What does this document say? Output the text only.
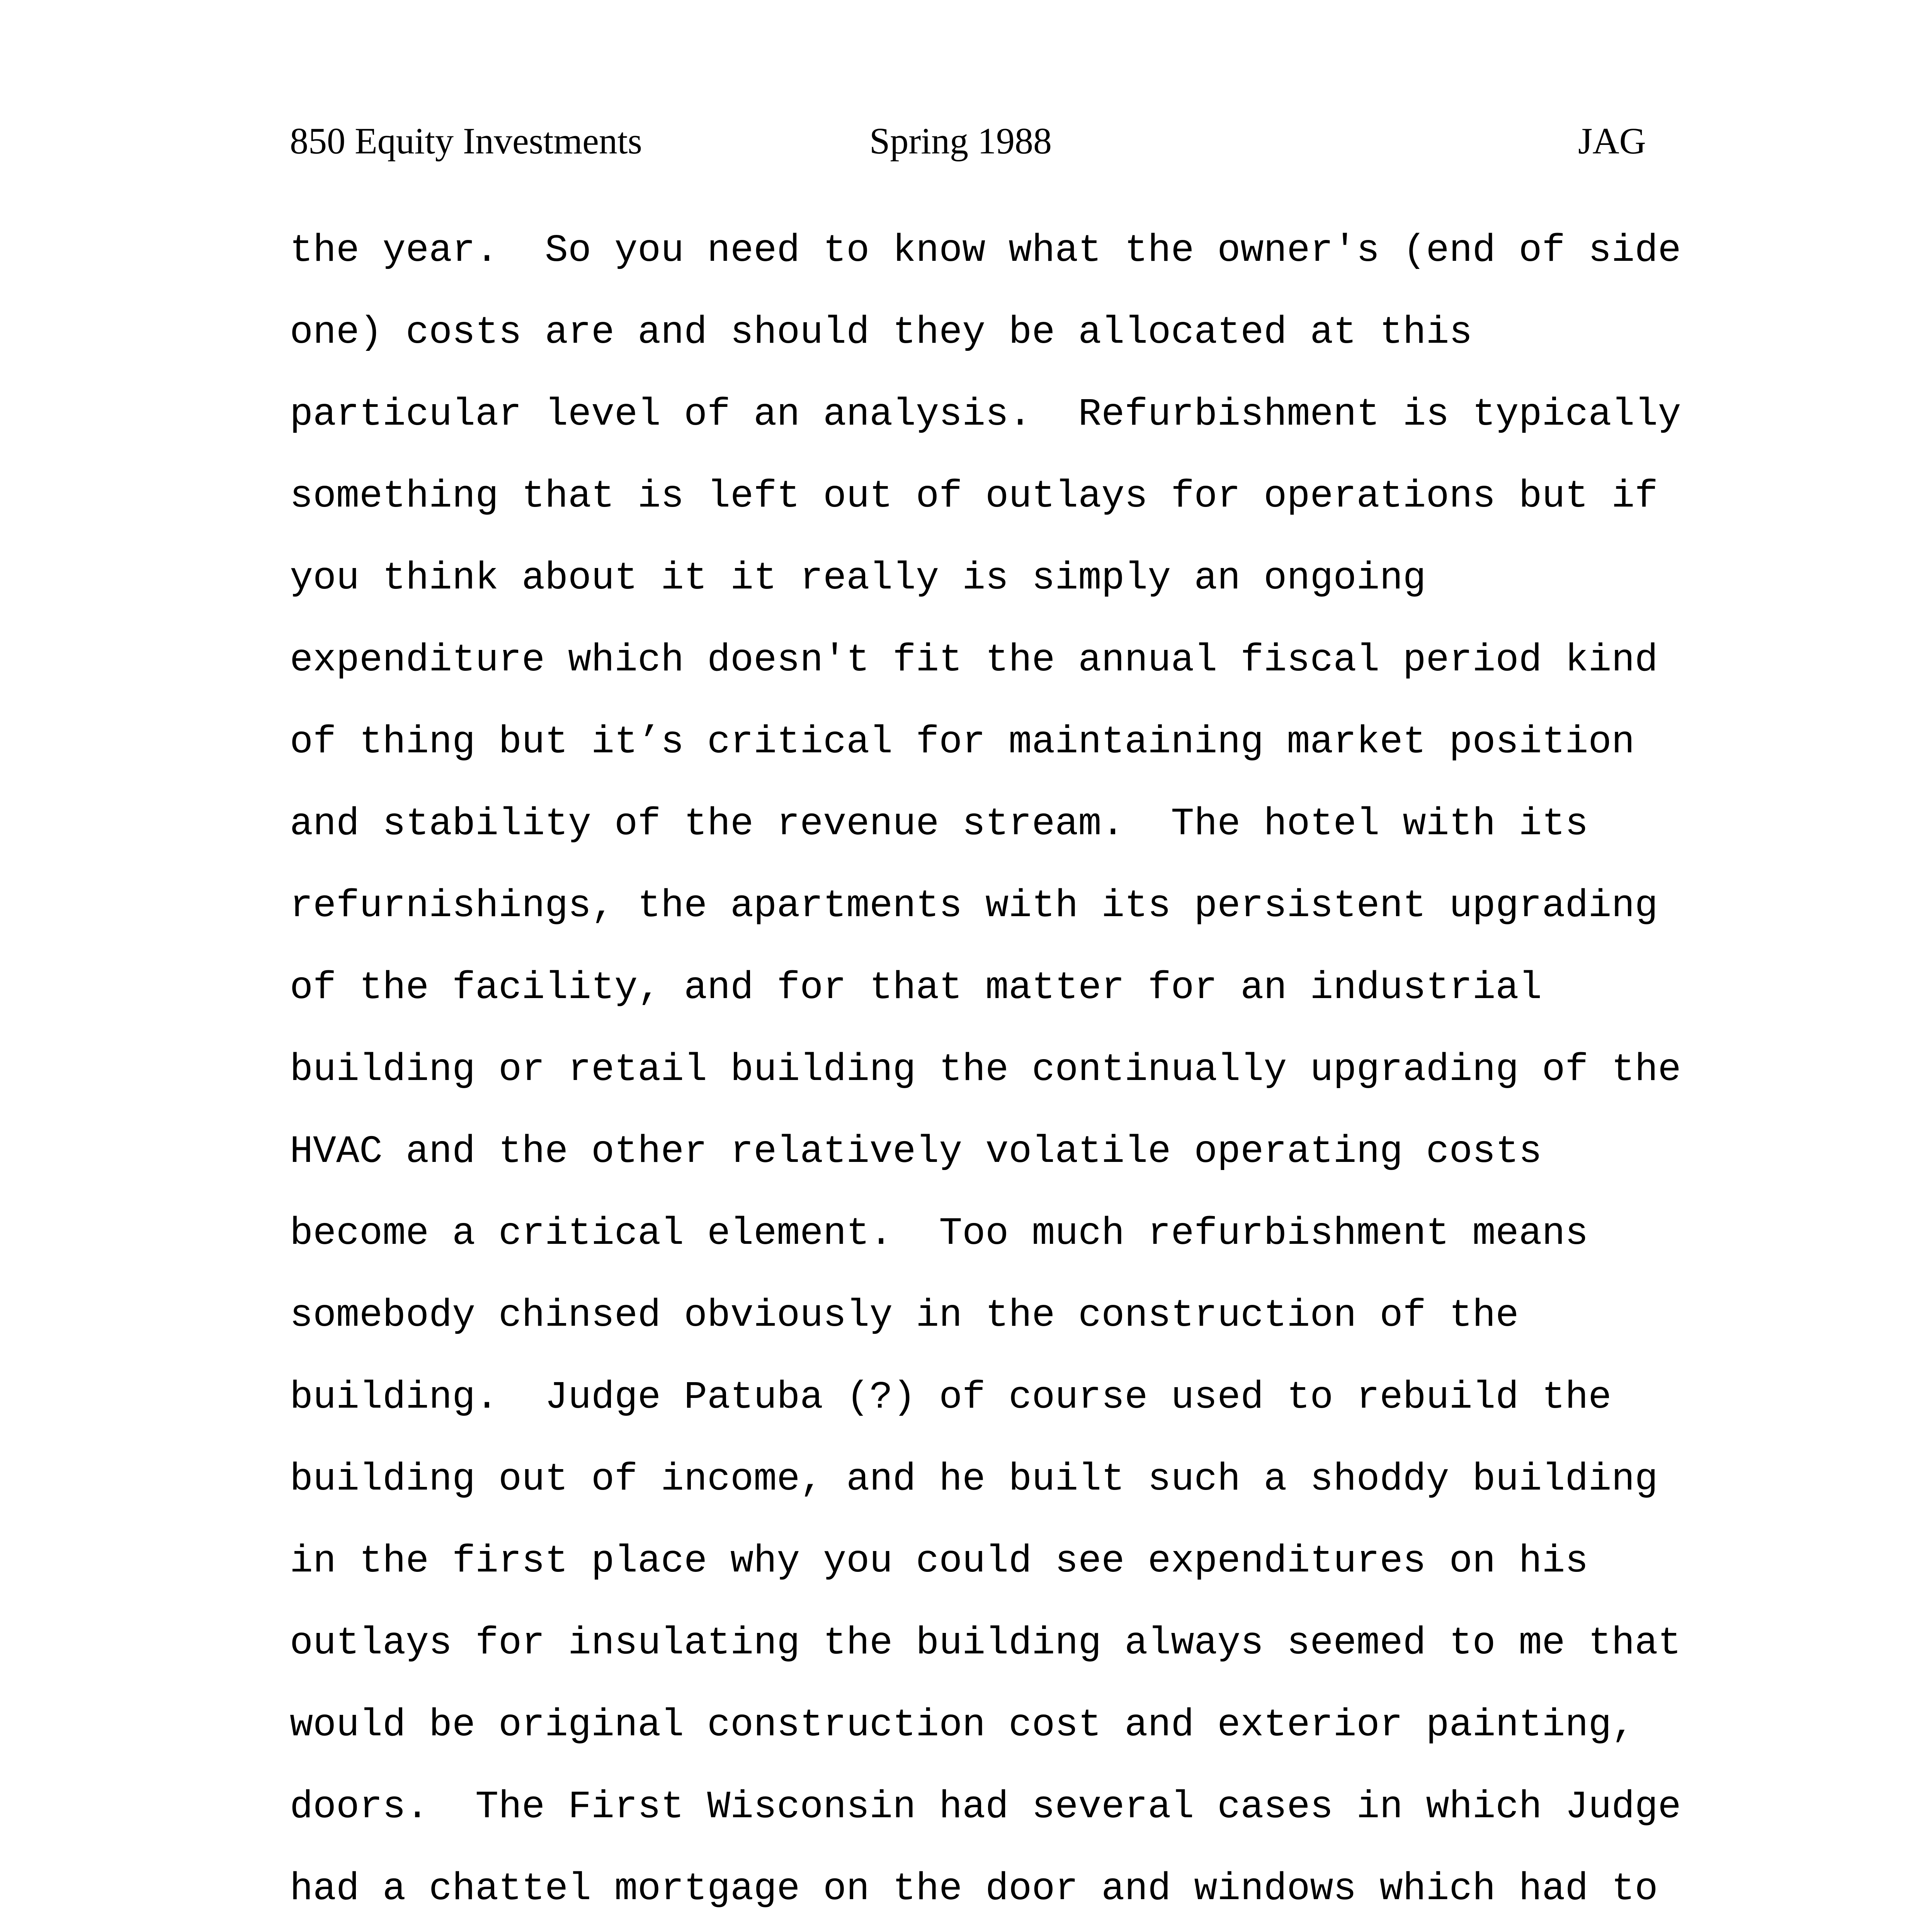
850 Equity Investments	Spring 1988	JAG
the year.  So you need to know what the owner's (end of side
one) costs are and should they be allocated at this
particular level of an analysis.  Refurbishment is typically
something that is left out of outlays for operations but if
you think about it it really is simply an ongoing
expenditure which doesn't fit the annual fiscal period kind
of thing but it’s critical for maintaining market position
and stability of the revenue stream.  The hotel with its
refurnishings, the apartments with its persistent upgrading
of the facility, and for that matter for an industrial
building or retail building the continually upgrading of the
HVAC and the other relatively volatile operating costs
become a critical element.  Too much refurbishment means
somebody chinsed obviously in the construction of the
building.  Judge Patuba (?) of course used to rebuild the
building out of income, and he built such a shoddy building
in the first place why you could see expenditures on his
outlays for insulating the building always seemed to me that
would be original construction cost and exterior painting,
doors.  The First Wisconsin had several cases in which Judge
had a chattel mortgage on the door and windows which had to
